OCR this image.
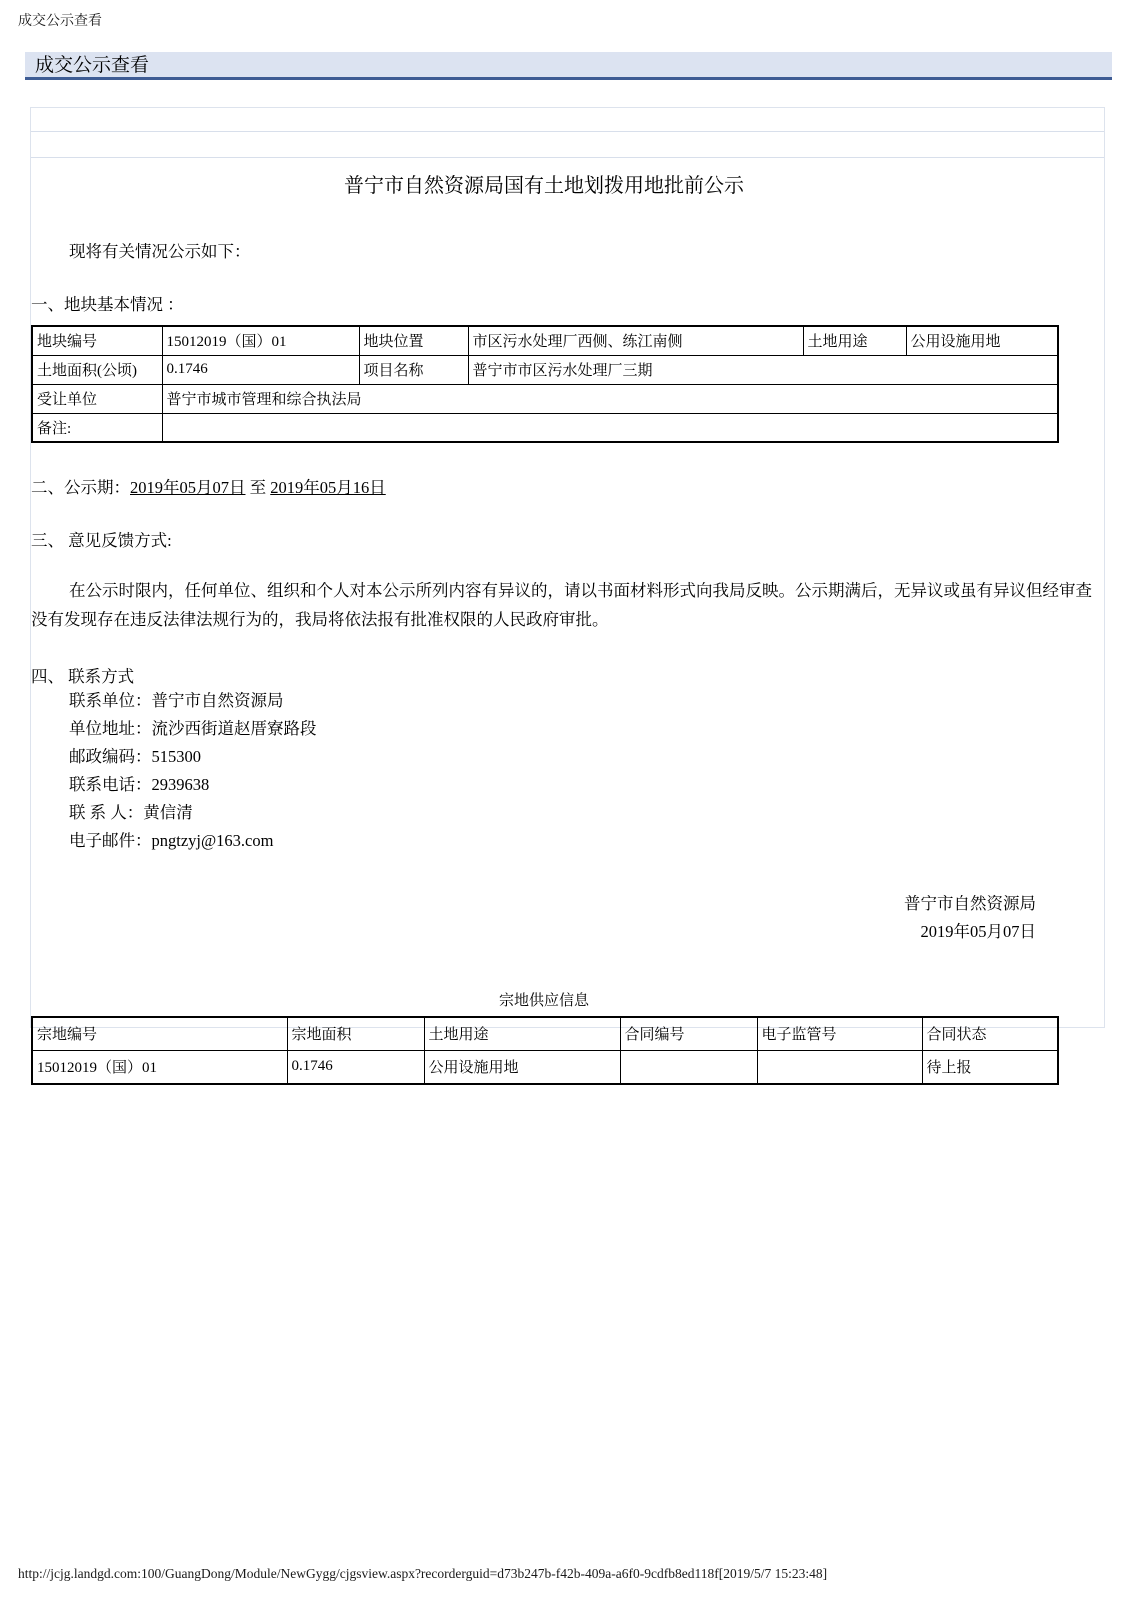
成交公示查看
成交公示查看
普宁市自然资源局国有土地划拨用地批前公示
现将有关情况公示如下：
一、地块基本情况 ：
地块编号	15012019（国）01	地块位置	市区污水处理厂西侧、练江南侧	土地用途	公用设施用地
土地面积(公顷)	0.1746	项目名称	普宁市市区污水处理厂三期		
受让单位	普宁市城市管理和综合执法局				
备注:					
二、公示期：2019年05月07日 至 2019年05月16日
三、 意见反馈方式:
在公示时限内，任何单位、组织和个人对本公示所列内容有异议的，请以书面材料形式向我局反映。公示期满后，无异议或虽有异议但经审查没有发现存在违反法律法规行为的，我局将依法报有批准权限的人民政府审批。
四、 联系方式
联系单位：普宁市自然资源局
单位地址：流沙西街道赵厝寮路段
邮政编码：515300
联系电话：2939638
联 系 人：黄信清
电子邮件：pngtzyj@163.com
普宁市自然资源局
2019年05月07日
宗地供应信息
宗地编号	宗地面积	土地用途	合同编号	电子监管号	合同状态
15012019（国）01	0.1746	公用设施用地			待上报
http://jcjg.landgd.com:100/GuangDong/Module/NewGygg/cjgsview.aspx?recorderguid=d73b247b-f42b-409a-a6f0-9cdfb8ed118f[2019/5/7 15:23:48]
